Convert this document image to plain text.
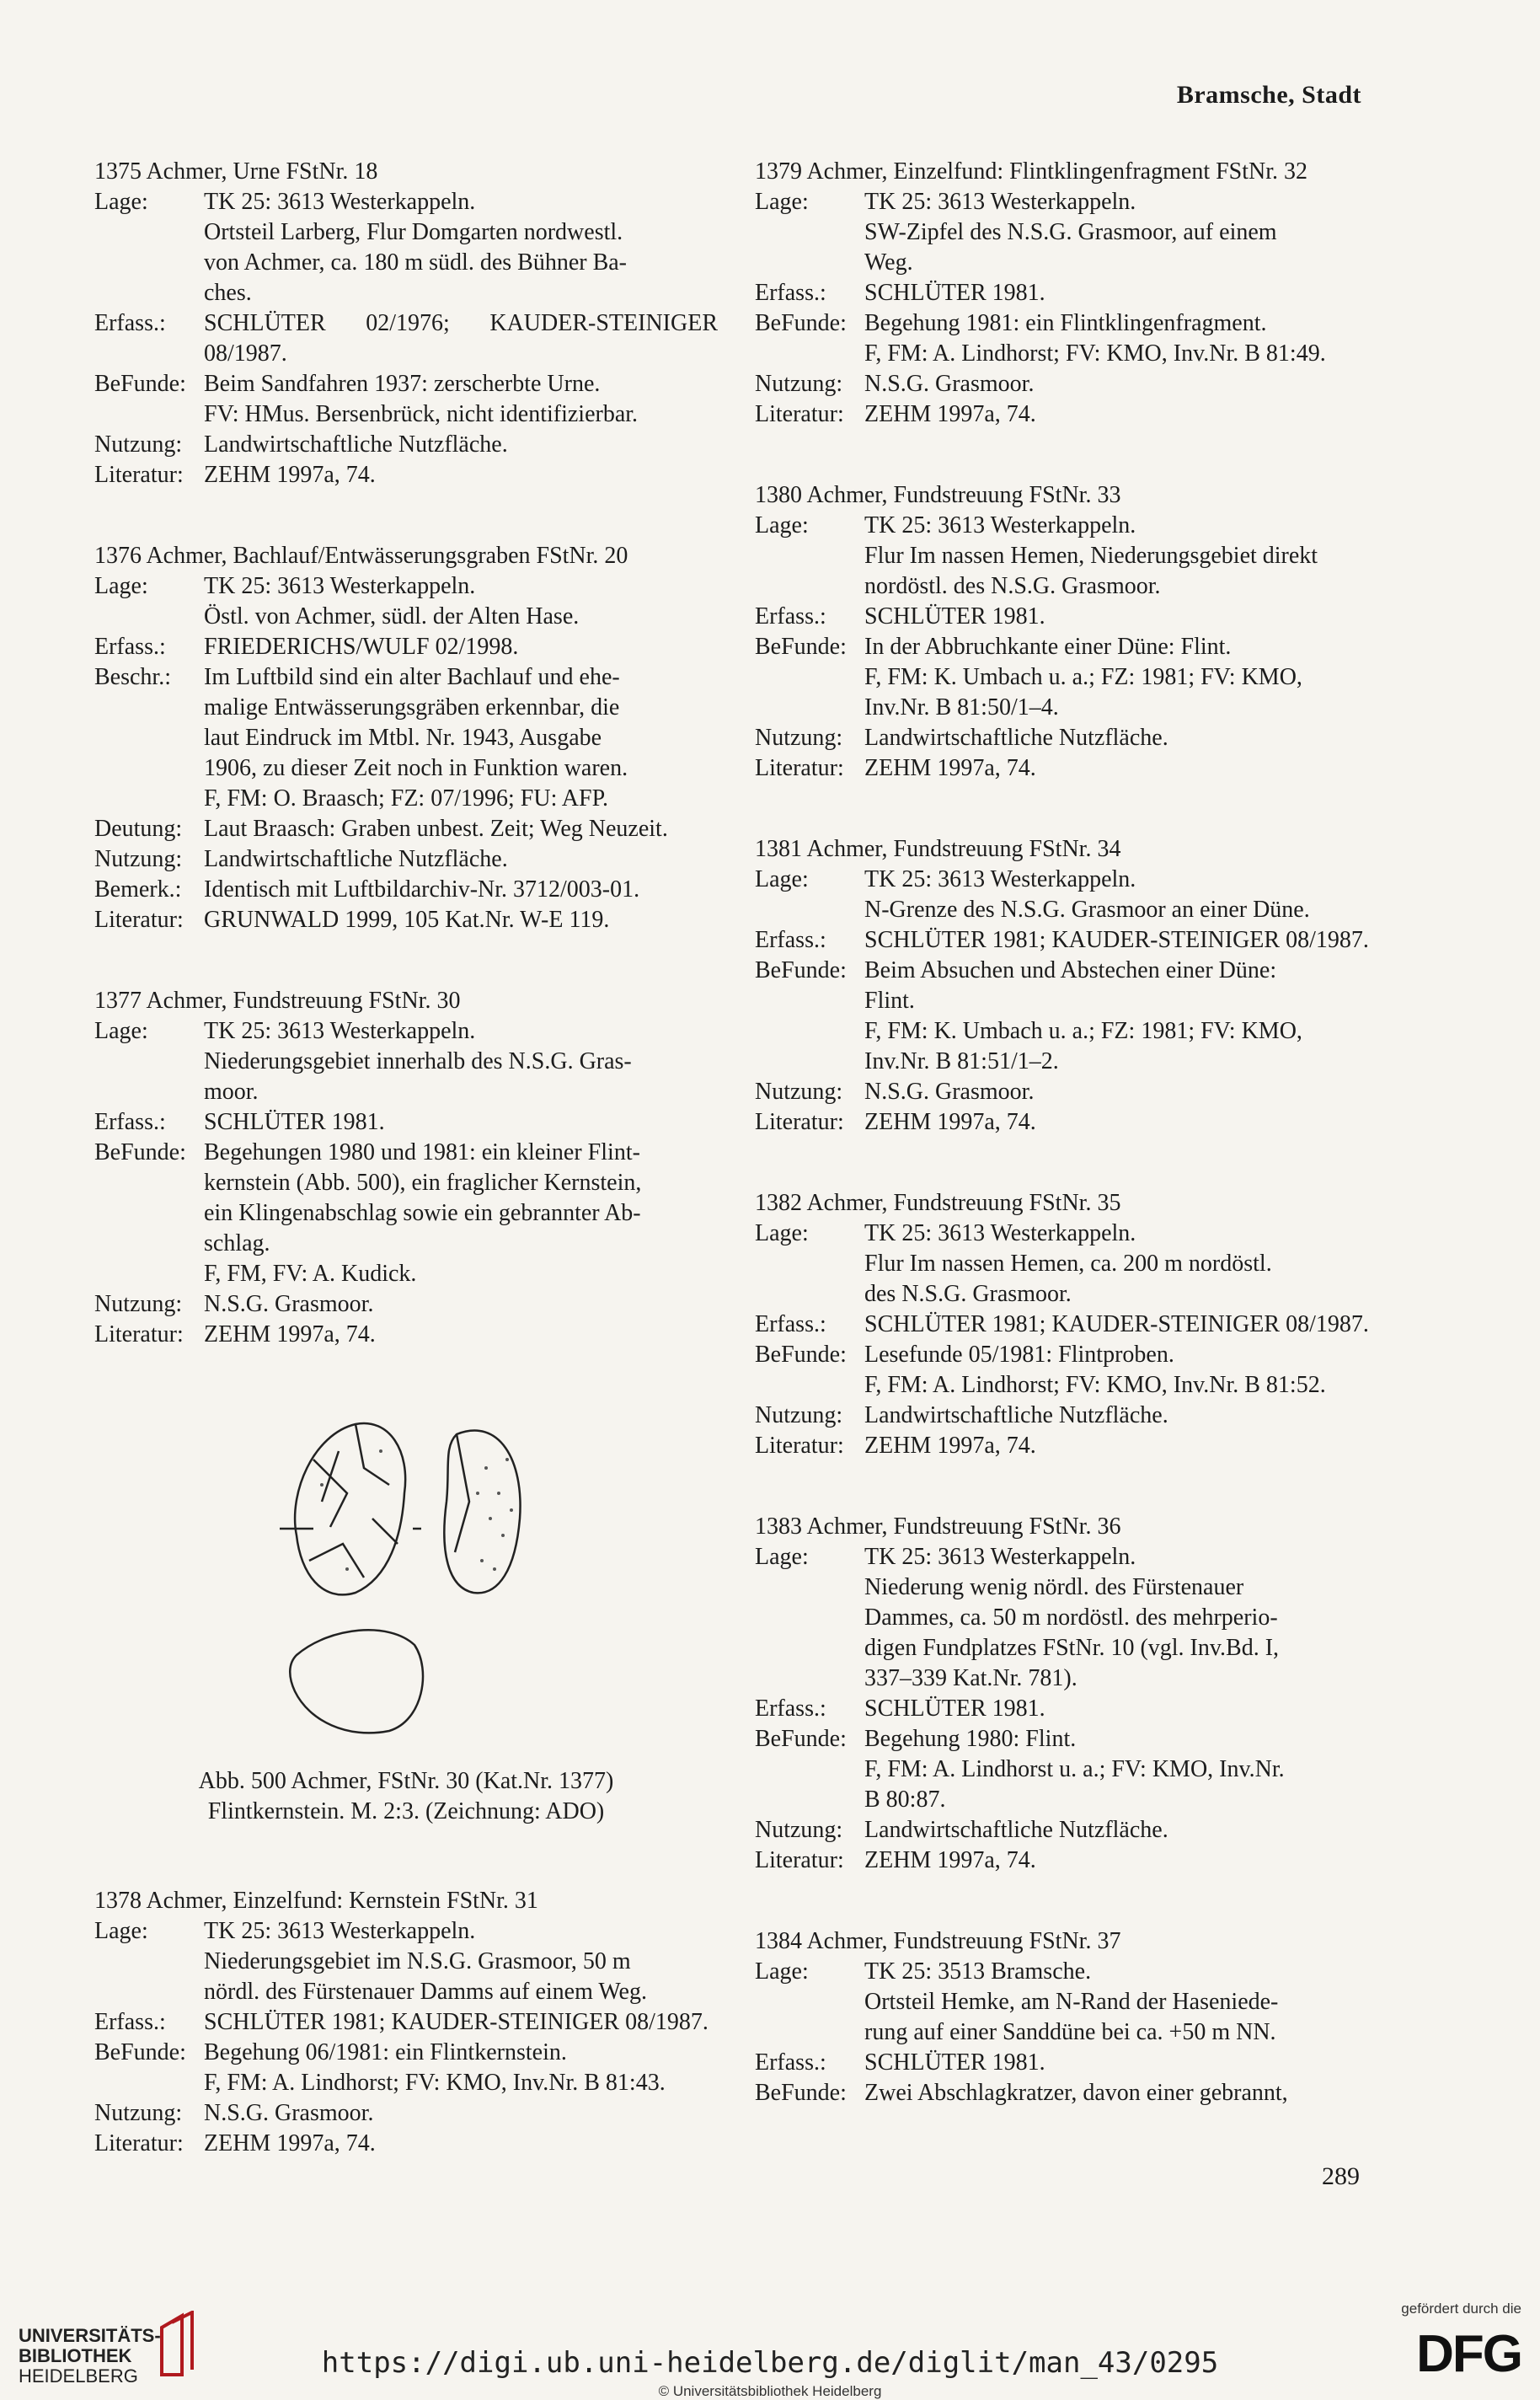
Bramsche, Stadt
1375 Achmer, Urne FStNr. 18
Lage:	TK 25: 3613 Westerkappeln.
Ortsteil Larberg, Flur Domgarten nordwestl.
von Achmer, ca. 180 m südl. des Bühner Ba-
ches.
Erfass.:	SCHLÜTER 02/1976; KAUDER-STEINIGER 08/1987.
BeFunde: Beim Sandfahren 1937: zerscherbte Urne.
FV: HMus. Bersenbrück, nicht identifizierbar.
Nutzung: Landwirtschaftliche Nutzfläche.
Literatur: ZEHM 1997a, 74.
1376 Achmer, Bachlauf/Entwässerungsgraben FStNr. 20
Lage:	TK 25: 3613 Westerkappeln.
Östl. von Achmer, südl. der Alten Hase.
Erfass.:	FRIEDERICHS/WULF 02/1998.
Beschr.:	Im Luftbild sind ein alter Bachlauf und ehe-
malige Entwässerungsgräben erkennbar, die
laut Eindruck im Mtbl. Nr. 1943, Ausgabe
1906, zu dieser Zeit noch in Funktion waren.
F, FM: O. Braasch; FZ: 07/1996; FU: AFP.
Deutung: Laut Braasch: Graben unbest. Zeit; Weg Neuzeit.
Nutzung: Landwirtschaftliche Nutzfläche.
Bemerk.: Identisch mit Luftbildarchiv-Nr. 3712/003-01.
Literatur: GRUNWALD 1999, 105 Kat.Nr. W-E 119.
1377 Achmer, Fundstreuung FStNr. 30
Lage:	TK 25: 3613 Westerkappeln.
Niederungsgebiet innerhalb des N.S.G. Gras-
moor.
Erfass.:	SCHLÜTER 1981.
BeFunde: Begehungen 1980 und 1981: ein kleiner Flint-
kernstein (Abb. 500), ein fraglicher Kernstein,
ein Klingenabschlag sowie ein gebrannter Ab-
schlag.
F, FM, FV: A. Kudick.
Nutzung: N.S.G. Grasmoor.
Literatur: ZEHM 1997a, 74.
Abb. 500 Achmer, FStNr. 30 (Kat.Nr. 1377)
Flintkernstein. M. 2:3. (Zeichnung: ADO)
1378 Achmer, Einzelfund: Kernstein FStNr. 31
Lage:	TK 25: 3613 Westerkappeln.
Niederungsgebiet im N.S.G. Grasmoor, 50 m
nördl. des Fürstenauer Damms auf einem Weg.
Erfass.:	SCHLÜTER 1981; KAUDER-STEINIGER 08/1987.
BeFunde: Begehung 06/1981: ein Flintkernstein.
F, FM: A. Lindhorst; FV: KMO, Inv.Nr. B 81:43.
Nutzung: N.S.G. Grasmoor.
Literatur: ZEHM 1997a, 74.
1379 Achmer, Einzelfund: Flintklingenfragment FStNr. 32
Lage:	TK 25: 3613 Westerkappeln.
SW-Zipfel des N.S.G. Grasmoor, auf einem
Weg.
Erfass.:	SCHLÜTER 1981.
BeFunde: Begehung 1981: ein Flintklingenfragment.
F, FM: A. Lindhorst; FV: KMO, Inv.Nr. B 81:49.
Nutzung: N.S.G. Grasmoor.
Literatur: ZEHM 1997a, 74.
1380 Achmer, Fundstreuung FStNr. 33
Lage:	TK 25: 3613 Westerkappeln.
Flur Im nassen Hemen, Niederungsgebiet direkt
nordöstl. des N.S.G. Grasmoor.
Erfass.:	SCHLÜTER 1981.
BeFunde: In der Abbruchkante einer Düne: Flint.
F, FM: K. Umbach u. a.; FZ: 1981; FV: KMO,
Inv.Nr. B 81:50/1–4.
Nutzung: Landwirtschaftliche Nutzfläche.
Literatur: ZEHM 1997a, 74.
1381 Achmer, Fundstreuung FStNr. 34
Lage:	TK 25: 3613 Westerkappeln.
N-Grenze des N.S.G. Grasmoor an einer Düne.
Erfass.:	SCHLÜTER 1981; KAUDER-STEINIGER 08/1987.
BeFunde: Beim Absuchen und Abstechen einer Düne:
Flint.
F, FM: K. Umbach u. a.; FZ: 1981; FV: KMO,
Inv.Nr. B 81:51/1–2.
Nutzung: N.S.G. Grasmoor.
Literatur: ZEHM 1997a, 74.
1382 Achmer, Fundstreuung FStNr. 35
Lage:	TK 25: 3613 Westerkappeln.
Flur Im nassen Hemen, ca. 200 m nordöstl.
des N.S.G. Grasmoor.
Erfass.:	SCHLÜTER 1981; KAUDER-STEINIGER 08/1987.
BeFunde: Lesefunde 05/1981: Flintproben.
F, FM: A. Lindhorst; FV: KMO, Inv.Nr. B 81:52.
Nutzung: Landwirtschaftliche Nutzfläche.
Literatur: ZEHM 1997a, 74.
1383 Achmer, Fundstreuung FStNr. 36
Lage:	TK 25: 3613 Westerkappeln.
Niederung wenig nördl. des Fürstenauer
Dammes, ca. 50 m nordöstl. des mehrperio-
digen Fundplatzes FStNr. 10 (vgl. Inv.Bd. I,
337–339 Kat.Nr. 781).
Erfass.:	SCHLÜTER 1981.
BeFunde: Begehung 1980: Flint.
F, FM: A. Lindhorst u. a.; FV: KMO, Inv.Nr.
B 80:87.
Nutzung: Landwirtschaftliche Nutzfläche.
Literatur: ZEHM 1997a, 74.
1384 Achmer, Fundstreuung FStNr. 37
Lage:	TK 25: 3513 Bramsche.
Ortsteil Hemke, am N-Rand der Haseniede-
rung auf einer Sanddüne bei ca. +50 m NN.
Erfass.:	SCHLÜTER 1981.
BeFunde: Zwei Abschlagkratzer, davon einer gebrannt,
289
UNIVERSITÄTS-
BIBLIOTHEK
HEIDELBERG	https://digi.ub.uni-heidelberg.de/diglit/man_43/0295
© Universitätsbibliothek Heidelberg
gefördert durch die
DFG
